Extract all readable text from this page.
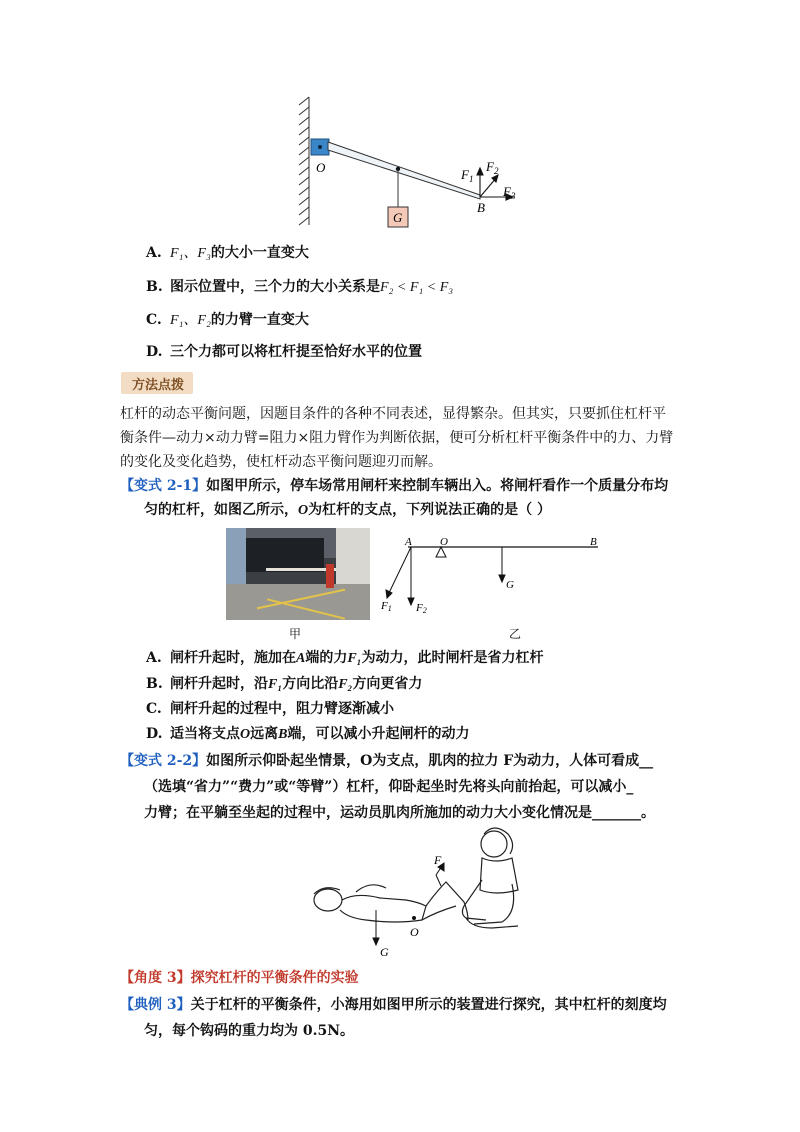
G
O	$F_1$
$F_2$
$F_3$
B
A. F₁、F₃的大小一直变大
B. 图示位置中，三个力的大小关系是F₂ < F₁ < F₃
C. F₁、F₂的力臂一直变大
D. 三个力都可以将杠杆提至恰好水平的位置
方法点拨
杠杆的动态平衡问题，因题目条件的各种不同表述，显得繁杂。但其实，只要抓住杠杆平
衡条件—动力×动力臂=阻力×阻力臂作为判断依据，便可分析杠杆平衡条件中的力、力臂
的变化及变化趋势，使杠杆动态平衡问题迎刃而解。
【变式 2-1】如图甲所示，停车场常用闸杆来控制车辆出入。将闸杆看作一个质量分布均
匀的杠杆，如图乙所示，O为杠杆的支点，下列说法正确的是（ ）
甲
A	O	B
F1 F2
G
乙
A. 闸杆升起时，施加在A端的力F₁为动力，此时闸杆是省力杠杆
B. 闸杆升起时，沿F₁方向比沿F₂方向更省力
C. 闸杆升起的过程中，阻力臂逐渐减小
D. 适当将支点O远离B端，可以减小升起闸杆的动力
【变式 2-2】如图所示仰卧起坐情景，O为支点，肌肉的拉力 F为动力，人体可看成__
（选填“省力”“费力”或“等臂”）杠杆，仰卧起坐时先将头向前抬起，可以减小_
力臂；在平躺至坐起的过程中，运动员肌肉所施加的动力大小变化情况是_______。
F
O
G
【角度 3】探究杠杆的平衡条件的实验
【典例 3】关于杠杆的平衡条件，小海用如图甲所示的装置进行探究，其中杠杆的刻度均
匀，每个钩码的重力均为 0.5N。
